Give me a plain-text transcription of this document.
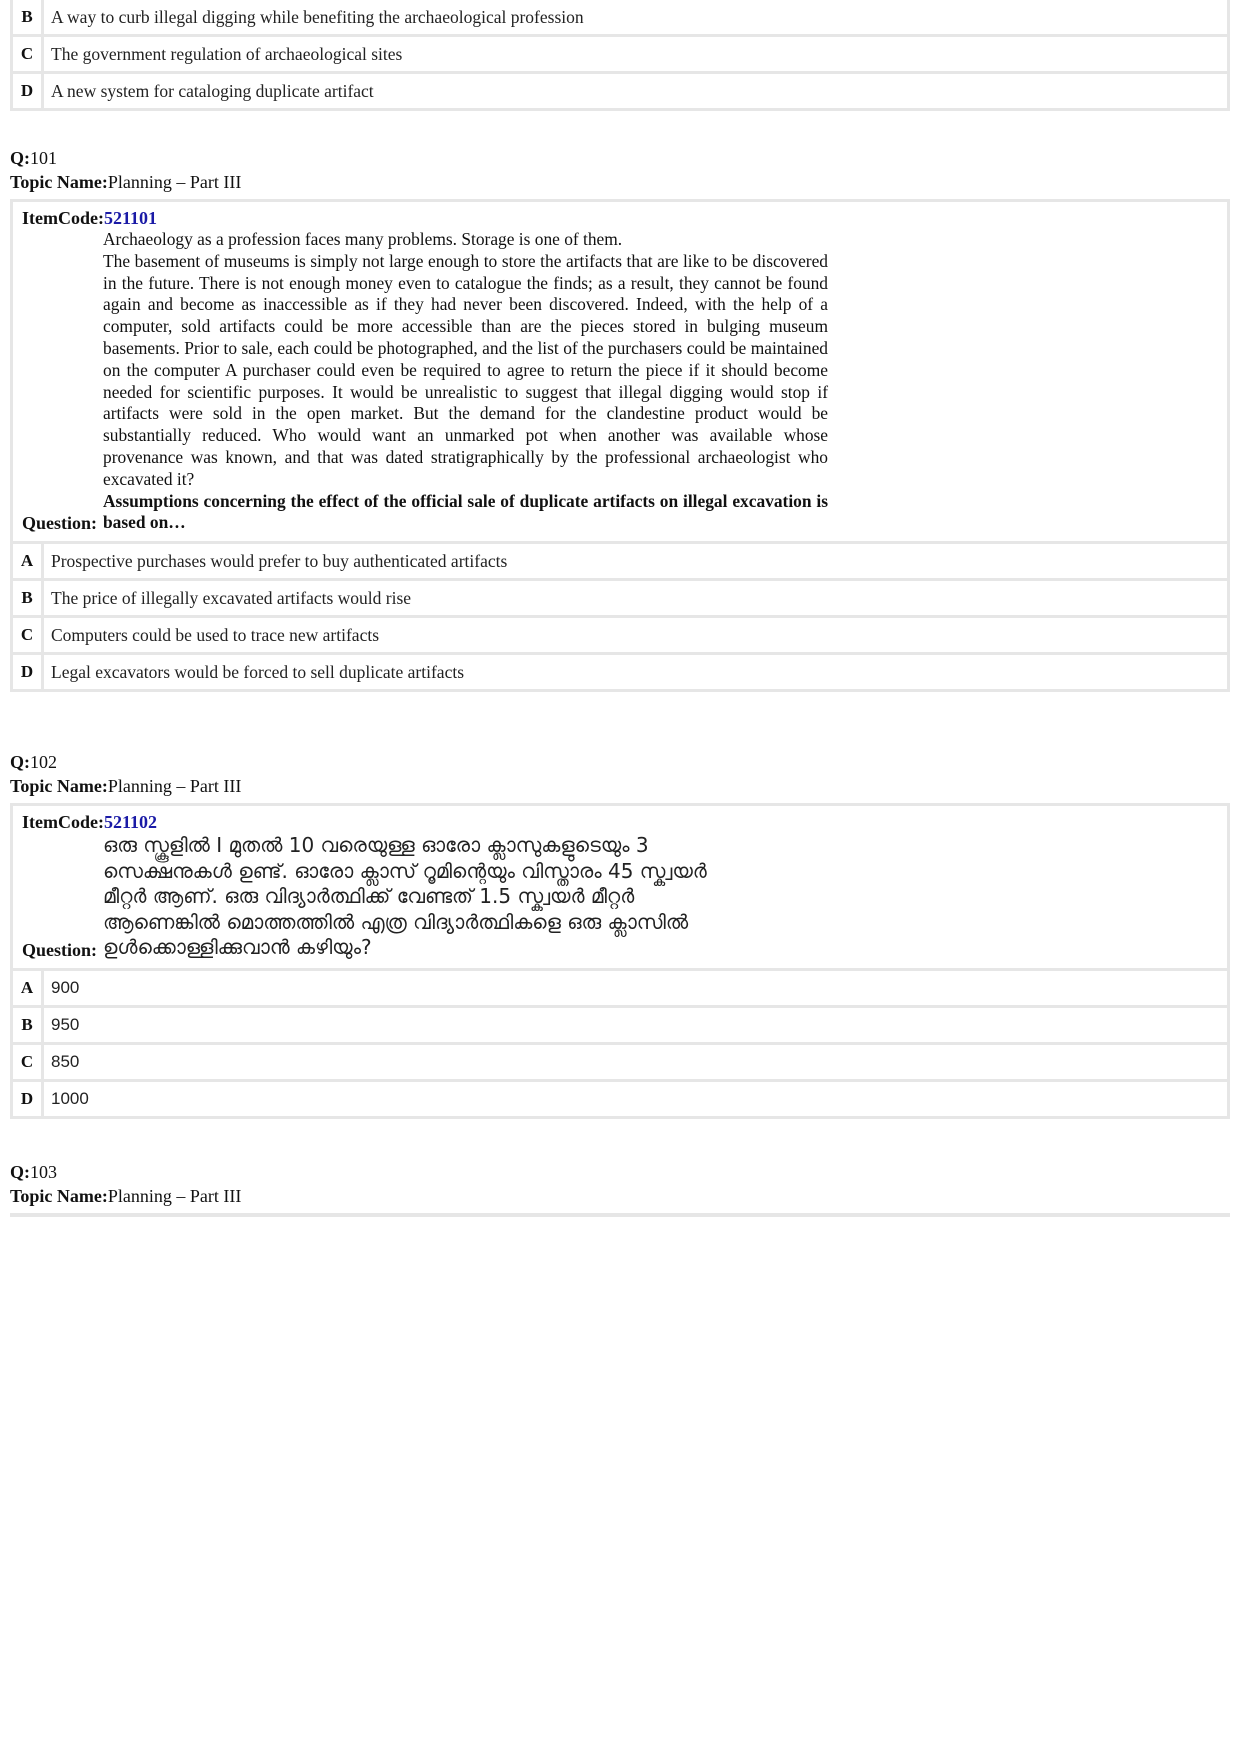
B	A way to curb illegal digging while benefiting the archaeological profession
C	The government regulation of archaeological sites
D	A new system for cataloging duplicate artifact
Q:101
Topic Name:Planning – Part III
ItemCode:521101
Question:

Archaeology as a profession faces many problems. Storage is one of them.

The basement of museums is simply not large enough to store the artifacts that are like to be discovered in the future. There is not enough money even to catalogue the finds; as a result, they cannot be found again and become as inaccessible as if they had never been discovered. Indeed, with the help of a computer, sold artifacts could be more accessible than are the pieces stored in bulging museum basements. Prior to sale, each could be photographed, and the list of the purchasers could be maintained on the computer A purchaser could even be required to agree to return the piece if it should become needed for scientific purposes. It would be unrealistic to suggest that illegal digging would stop if artifacts were sold in the open market. But the demand for the clandestine product would be substantially reduced. Who would want an unmarked pot when another was available whose provenance was known, and that was dated stratigraphically by the professional archaeologist who excavated it?

Assumptions concerning the effect of the official sale of duplicate artifacts on illegal excavation is based on…

A	Prospective purchases would prefer to buy authenticated artifacts
B	The price of illegally excavated artifacts would rise
C	Computers could be used to trace new artifacts
D	Legal excavators would be forced to sell duplicate artifacts
Q:102
Topic Name:Planning – Part III
ItemCode:521102
Question:
ഒരു സ്കൂളിൽ I മുതൽ 10 വരെയുള്ള ഓരോ ക്ലാസുകളുടെയും 3
സെക്ഷനുകൾ ഉണ്ട്. ഓരോ ക്ലാസ് റൂമിന്റെയും വിസ്താരം 45 സ്ക്വയർ
മീറ്റർ ആണ്. ഒരു വിദ്യാർത്ഥിക്ക് വേണ്ടത് 1.5 സ്ക്വയർ മീറ്റർ
ആണെങ്കിൽ മൊത്തത്തിൽ എത്ര വിദ്യാർത്ഥികളെ ഒരു ക്ലാസിൽ
ഉൾക്കൊള്ളിക്കുവാൻ കഴിയും?
A	900
B	950
C	850
D	1000
Q:103
Topic Name:Planning – Part III
